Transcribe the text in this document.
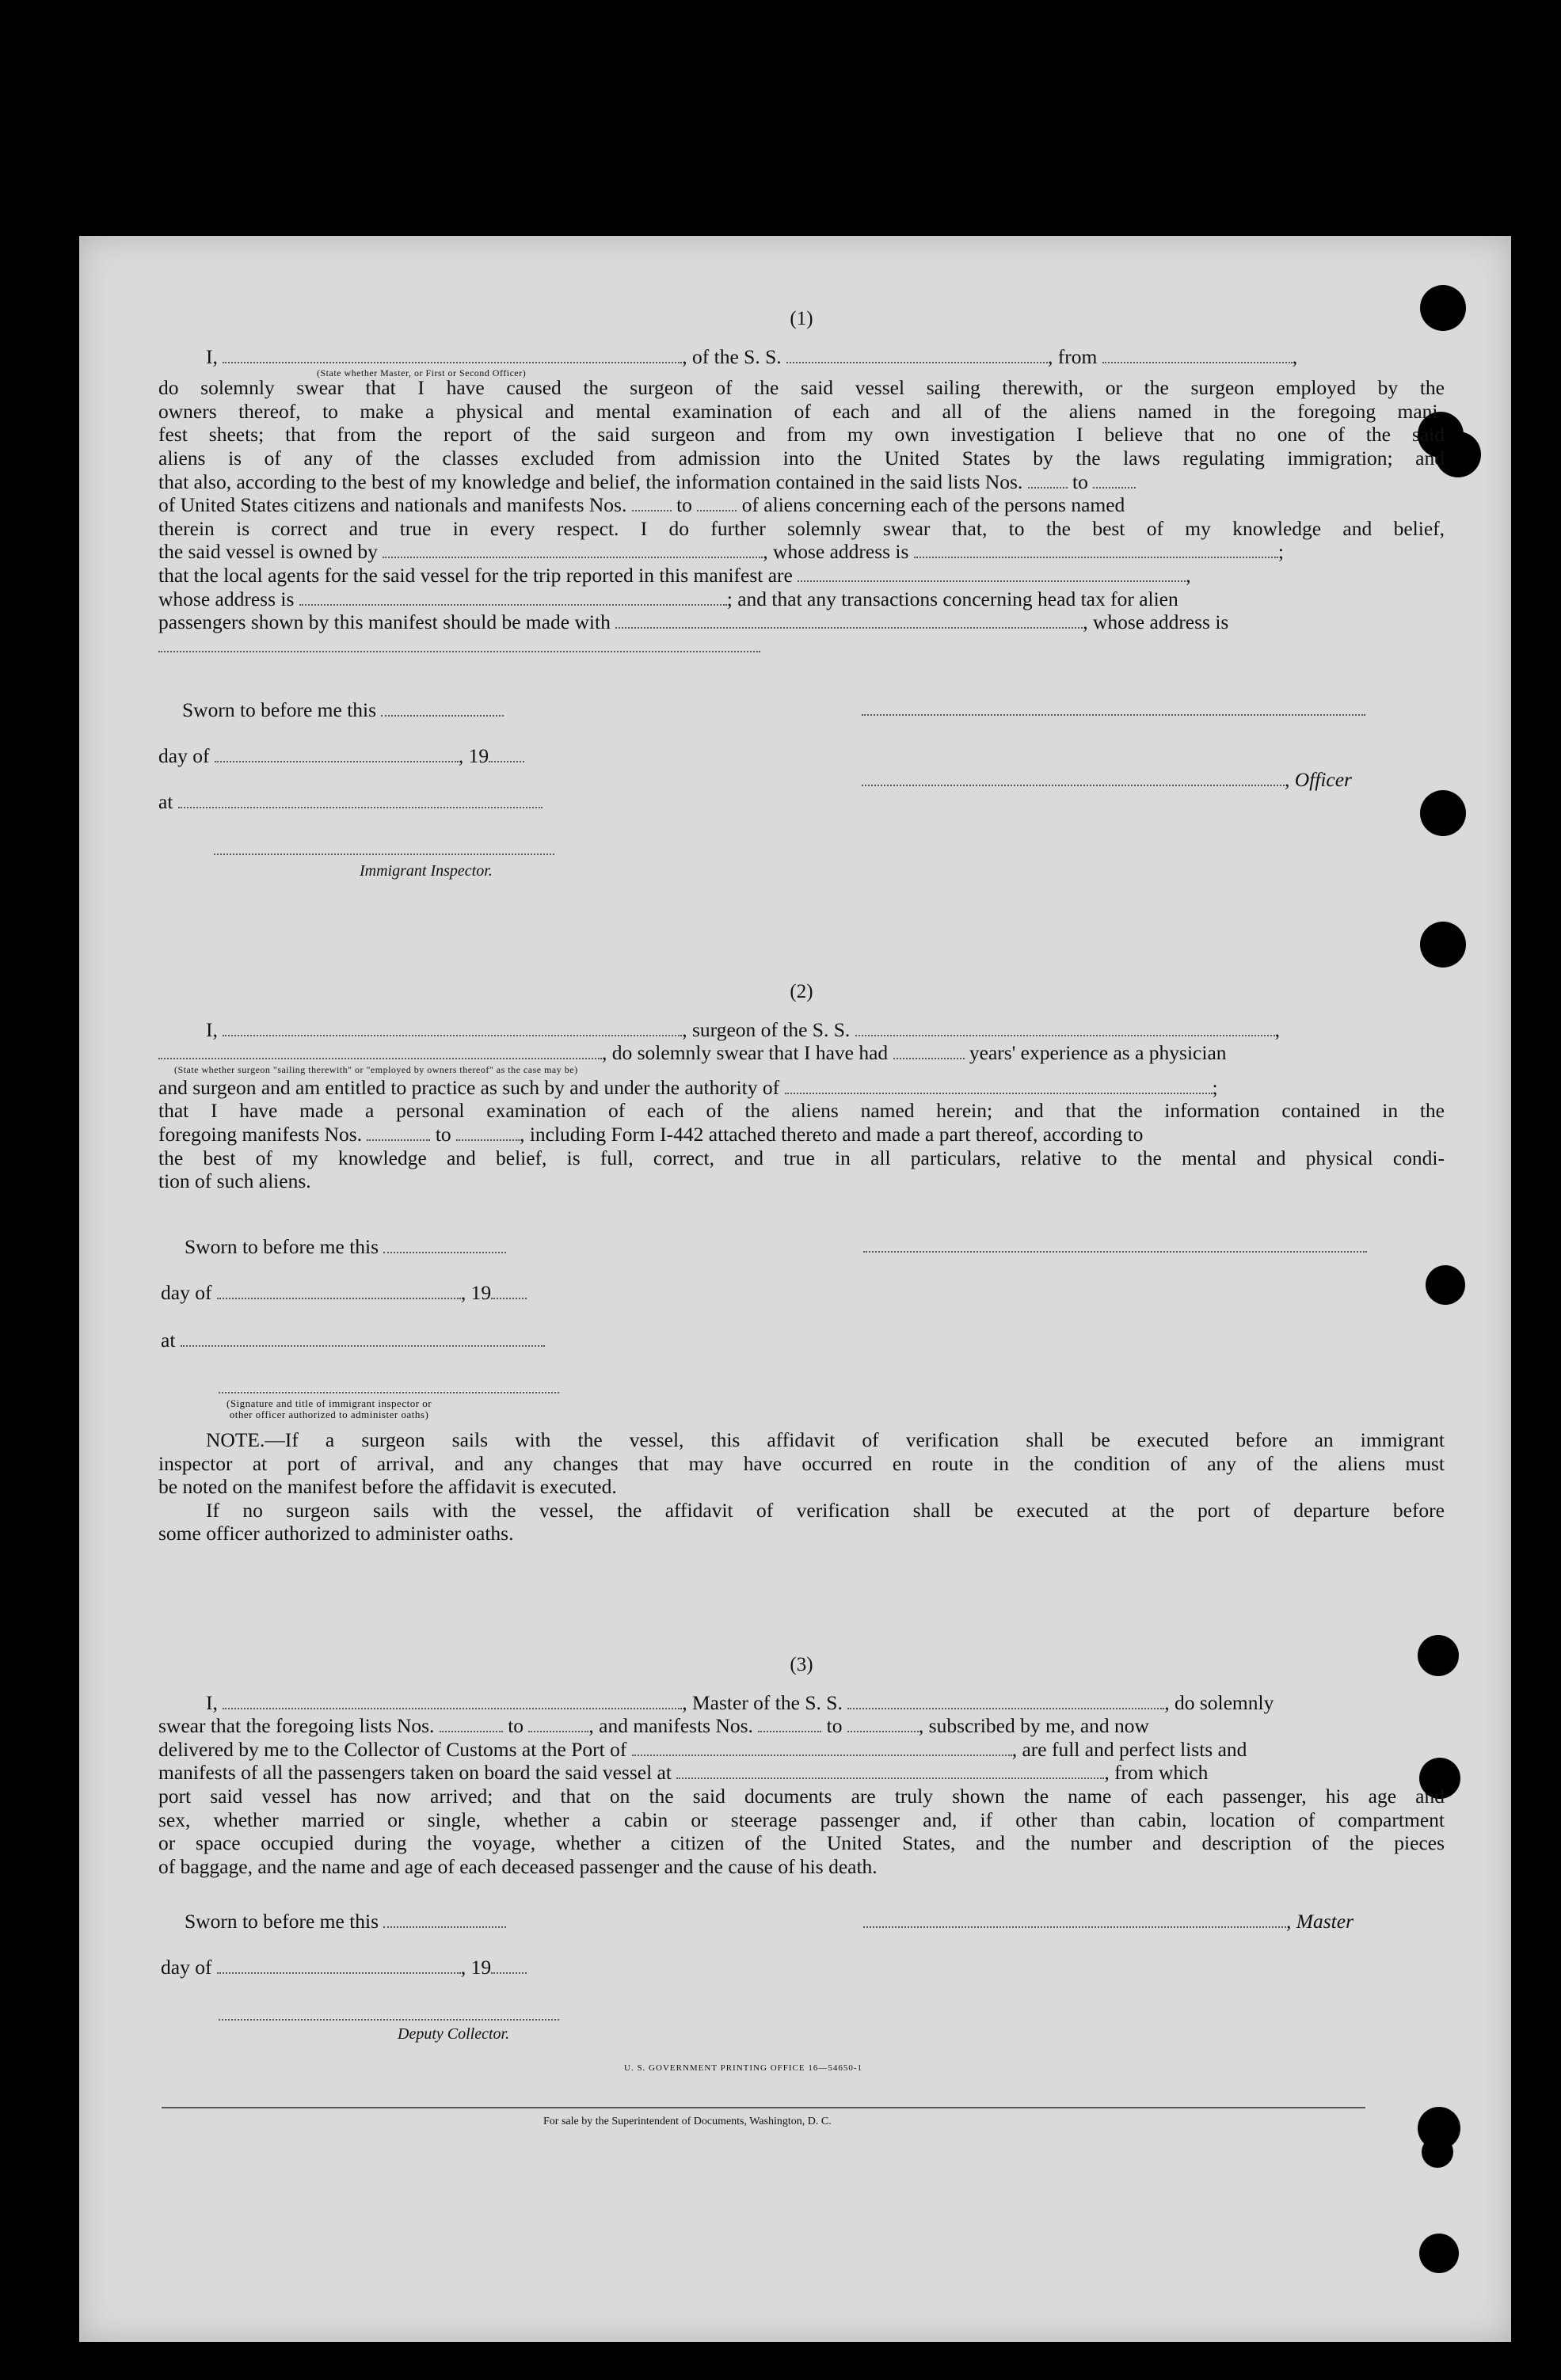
(1)
I,	, of the S. S.	, from	,
(State whether Master, or First or Second Officer)
do solemnly swear that I have caused the surgeon of the said vessel sailing therewith, or the surgeon employed by the
owners thereof, to make a physical and mental examination of each and all of the aliens named in the foregoing mani-
fest sheets; that from the report of the said surgeon and from my own investigation I believe that no one of the said
aliens is of any of the classes excluded from admission into the United States by the laws regulating immigration; and
that also, according to the best of my knowledge and belief, the information contained in the said lists Nos. to
of United States citizens and nationals and manifests Nos. to of aliens concerning each of the persons named
therein is correct and true in every respect. I do further solemnly swear that, to the best of my knowledge and belief,
the said vessel is owned by	, whose address is	;
that the local agents for the said vessel for the trip reported in this manifest are	,
whose address is	; and that any transactions concerning head tax for alien
passengers shown by this manifest should be made with	, whose address is
Sworn to before me this
day of	, 19
, Officer
at
Immigrant Inspector.
(2)
I,	, surgeon of the S. S.	,
, do solemnly swear that I have had	years' experience as a physician
(State whether surgeon "sailing therewith" or "employed by owners thereof" as the case may be)
and surgeon and am entitled to practice as such by and under the authority of	;
that I have made a personal examination of each of the aliens named herein; and that the information contained in the
foregoing manifests Nos.	to	, including Form I-442 attached thereto and made a part thereof, according to
the best of my knowledge and belief, is full, correct, and true in all particulars, relative to the mental and physical condi-
tion of such aliens.
Sworn to before me this
day of	, 19
at
(Signature and title of immigrant inspector or
other officer authorized to administer oaths)
NOTE.—If a surgeon sails with the vessel, this affidavit of verification shall be executed before an immigrant
inspector at port of arrival, and any changes that may have occurred en route in the condition of any of the aliens must
be noted on the manifest before the affidavit is executed.
If no surgeon sails with the vessel, the affidavit of verification shall be executed at the port of departure before
some officer authorized to administer oaths.
(3)
I,	, Master of the S. S.	, do solemnly
swear that the foregoing lists Nos.	to	, and manifests Nos.	to	, subscribed by me, and now
delivered by me to the Collector of Customs at the Port of	, are full and perfect lists and
manifests of all the passengers taken on board the said vessel at	, from which
port said vessel has now arrived; and that on the said documents are truly shown the name of each passenger, his age and
sex, whether married or single, whether a cabin or steerage passenger and, if other than cabin, location of compartment
or space occupied during the voyage, whether a citizen of the United States, and the number and description of the pieces
of baggage, and the name and age of each deceased passenger and the cause of his death.
Sworn to before me this	, Master
day of	, 19
Deputy Collector.
U. S. GOVERNMENT PRINTING OFFICE 16—54650-1
For sale by the Superintendent of Documents, Washington, D. C.
